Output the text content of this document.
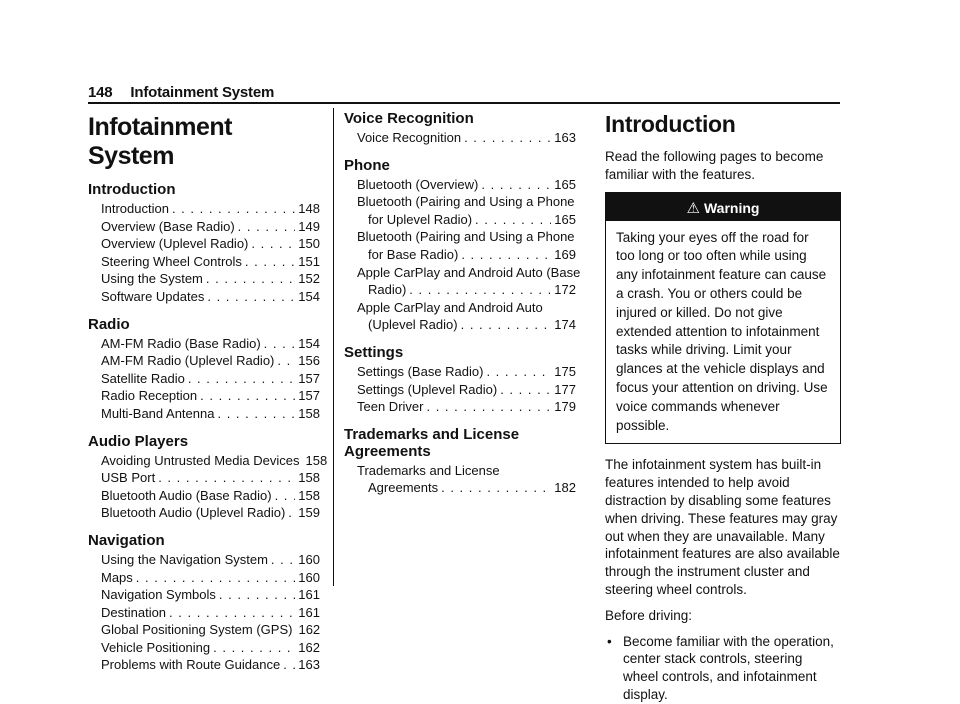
148 Infotainment System
Infotainment System
Introduction
Introduction . . .	148
Overview (Base Radio) . . .	149
Overview (Uplevel Radio) . . .	150
Steering Wheel Controls . . .	151
Using the System . . .	152
Software Updates . . .	154
Radio
AM-FM Radio (Base Radio) . . .	154
AM-FM Radio (Uplevel Radio) . . . 156
Satellite Radio . . .	157
Radio Reception . . .	157
Multi-Band Antenna . . .	158
Audio Players
Avoiding Untrusted Media Devices 158
USB Port . . .	158
Bluetooth Audio (Base Radio) . . . 158
Bluetooth Audio (Uplevel Radio) . . . 159
Navigation
Using the Navigation System . . . 160
Maps . . .	160
Navigation Symbols . . .	161
Destination . . .	161
Global Positioning System (GPS) 162
Vehicle Positioning . . .	162
Problems with Route Guidance . . . 163
Voice Recognition
Voice Recognition . . .	163
Phone
Bluetooth (Overview) . . .	165
Bluetooth (Pairing and Using a Phone
for Uplevel Radio) . . .	165
Bluetooth (Pairing and Using a Phone
for Base Radio) . . .	169
Apple CarPlay and Android Auto (Base
Radio) . . .	172
Apple CarPlay and Android Auto
(Uplevel Radio) . . .	174
Settings
Settings (Base Radio) . . .	175
Settings (Uplevel Radio) . . .	177
Teen Driver . . .	179
Trademarks and License Agreements
Trademarks and License
Agreements . . .	182
Introduction

Read the following pages to become familiar with the features.

⚠ Warning
Taking your eyes off the road for too long or too often while using any infotainment feature can cause a crash. You or others could be injured or killed. Do not give extended attention to infotainment tasks while driving. Limit your glances at the vehicle displays and focus your attention on driving. Use voice commands whenever possible.

The infotainment system has built-in features intended to help avoid distraction by disabling some features when driving. These features may gray out when they are unavailable. Many infotainment features are also available through the instrument cluster and steering wheel controls.

Before driving:

• Become familiar with the operation, center stack controls, steering wheel controls, and infotainment display.
